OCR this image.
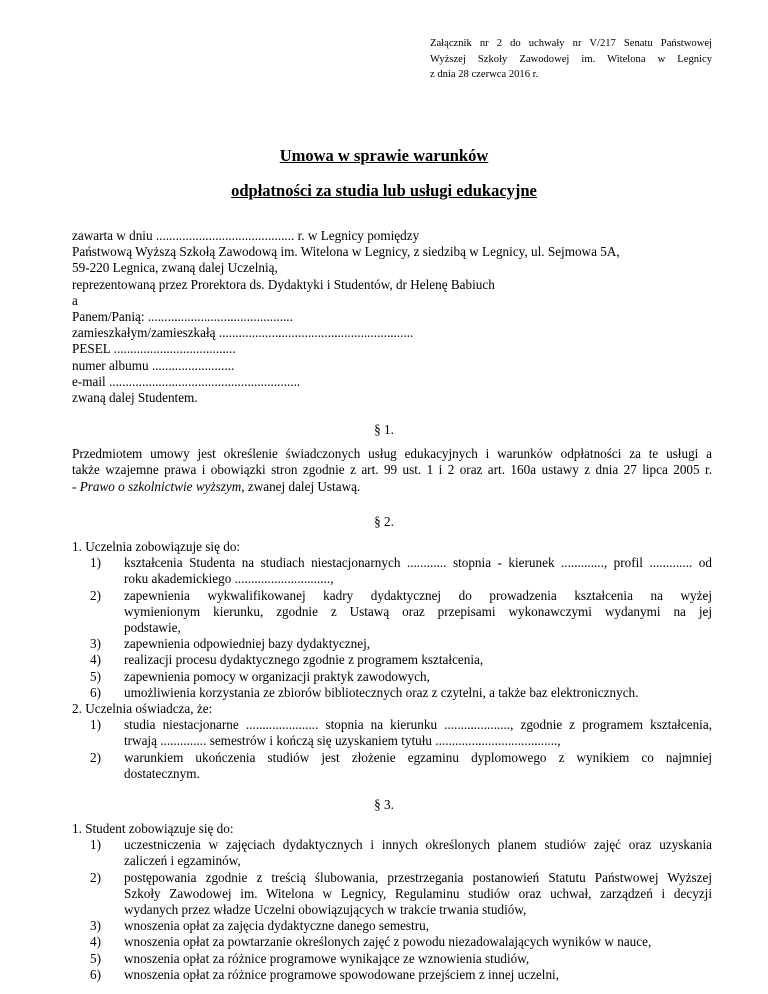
Załącznik nr 2 do uchwały nr V/217 Senatu Państwowej
Wyższej Szkoły Zawodowej im. Witelona w Legnicy
z dnia 28 czerwca 2016 r.
Umowa w sprawie warunków
odpłatności za studia lub usługi edukacyjne
zawarta w dniu .......................................... r. w Legnicy pomiędzy
Państwową Wyższą Szkołą Zawodową im. Witelona w Legnicy, z siedzibą w Legnicy, ul. Sejmowa 5A,
59-220 Legnica, zwaną dalej Uczelnią,
reprezentowaną przez Prorektora ds. Dydaktyki i Studentów, dr Helenę Babiuch
a
Panem/Panią: ............................................
zamieszkałym/zamieszkałą ...........................................................
PESEL .....................................
numer albumu .........................
e-mail ..........................................................
zwaną dalej Studentem.
§ 1.
Przedmiotem umowy jest określenie świadczonych usług edukacyjnych i warunków odpłatności za te usługi a
także wzajemne prawa i obowiązki stron zgodnie z art. 99 ust. 1 i 2 oraz art. 160a ustawy z dnia 27 lipca 2005 r.
- Prawo o szkolnictwie wyższym, zwanej dalej Ustawą.
§ 2.
1. Uczelnia zobowiązuje się do:
1)	kształcenia Studenta na studiach niestacjonarnych ............ stopnia - kierunek ............., profil ............. od
roku akademickiego .............................,
2)	zapewnienia wykwalifikowanej kadry dydaktycznej do prowadzenia kształcenia na wyżej
wymienionym kierunku, zgodnie z Ustawą oraz przepisami wykonawczymi wydanymi na jej
podstawie,
3)	zapewnienia odpowiedniej bazy dydaktycznej,
4)	realizacji procesu dydaktycznego zgodnie z programem kształcenia,
5)	zapewnienia pomocy w organizacji praktyk zawodowych,
6)	umożliwienia korzystania ze zbiorów bibliotecznych oraz z czytelni, a także baz elektronicznych.
2. Uczelnia oświadcza, że:
1)	studia niestacjonarne ...................... stopnia na kierunku ...................., zgodnie z programem kształcenia,
trwają .............. semestrów i kończą się uzyskaniem tytułu .....................................,
2)	warunkiem ukończenia studiów jest złożenie egzaminu dyplomowego z wynikiem co najmniej
dostatecznym.
§ 3.
1. Student zobowiązuje się do:
1)	uczestniczenia w zajęciach dydaktycznych i innych określonych planem studiów zajęć oraz uzyskania
zaliczeń i egzaminów,
2)	postępowania zgodnie z treścią ślubowania, przestrzegania postanowień Statutu Państwowej Wyższej
Szkoły Zawodowej im. Witelona w Legnicy, Regulaminu studiów oraz uchwał, zarządzeń i decyzji
wydanych przez władze Uczelni obowiązujących w trakcie trwania studiów,
3)	wnoszenia opłat za zajęcia dydaktyczne danego semestru,
4)	wnoszenia opłat za powtarzanie określonych zajęć z powodu niezadowalających wyników w nauce,
5)	wnoszenia opłat za różnice programowe wynikające ze wznowienia studiów,
6)	wnoszenia opłat za różnice programowe spowodowane przejściem z innej uczelni,
